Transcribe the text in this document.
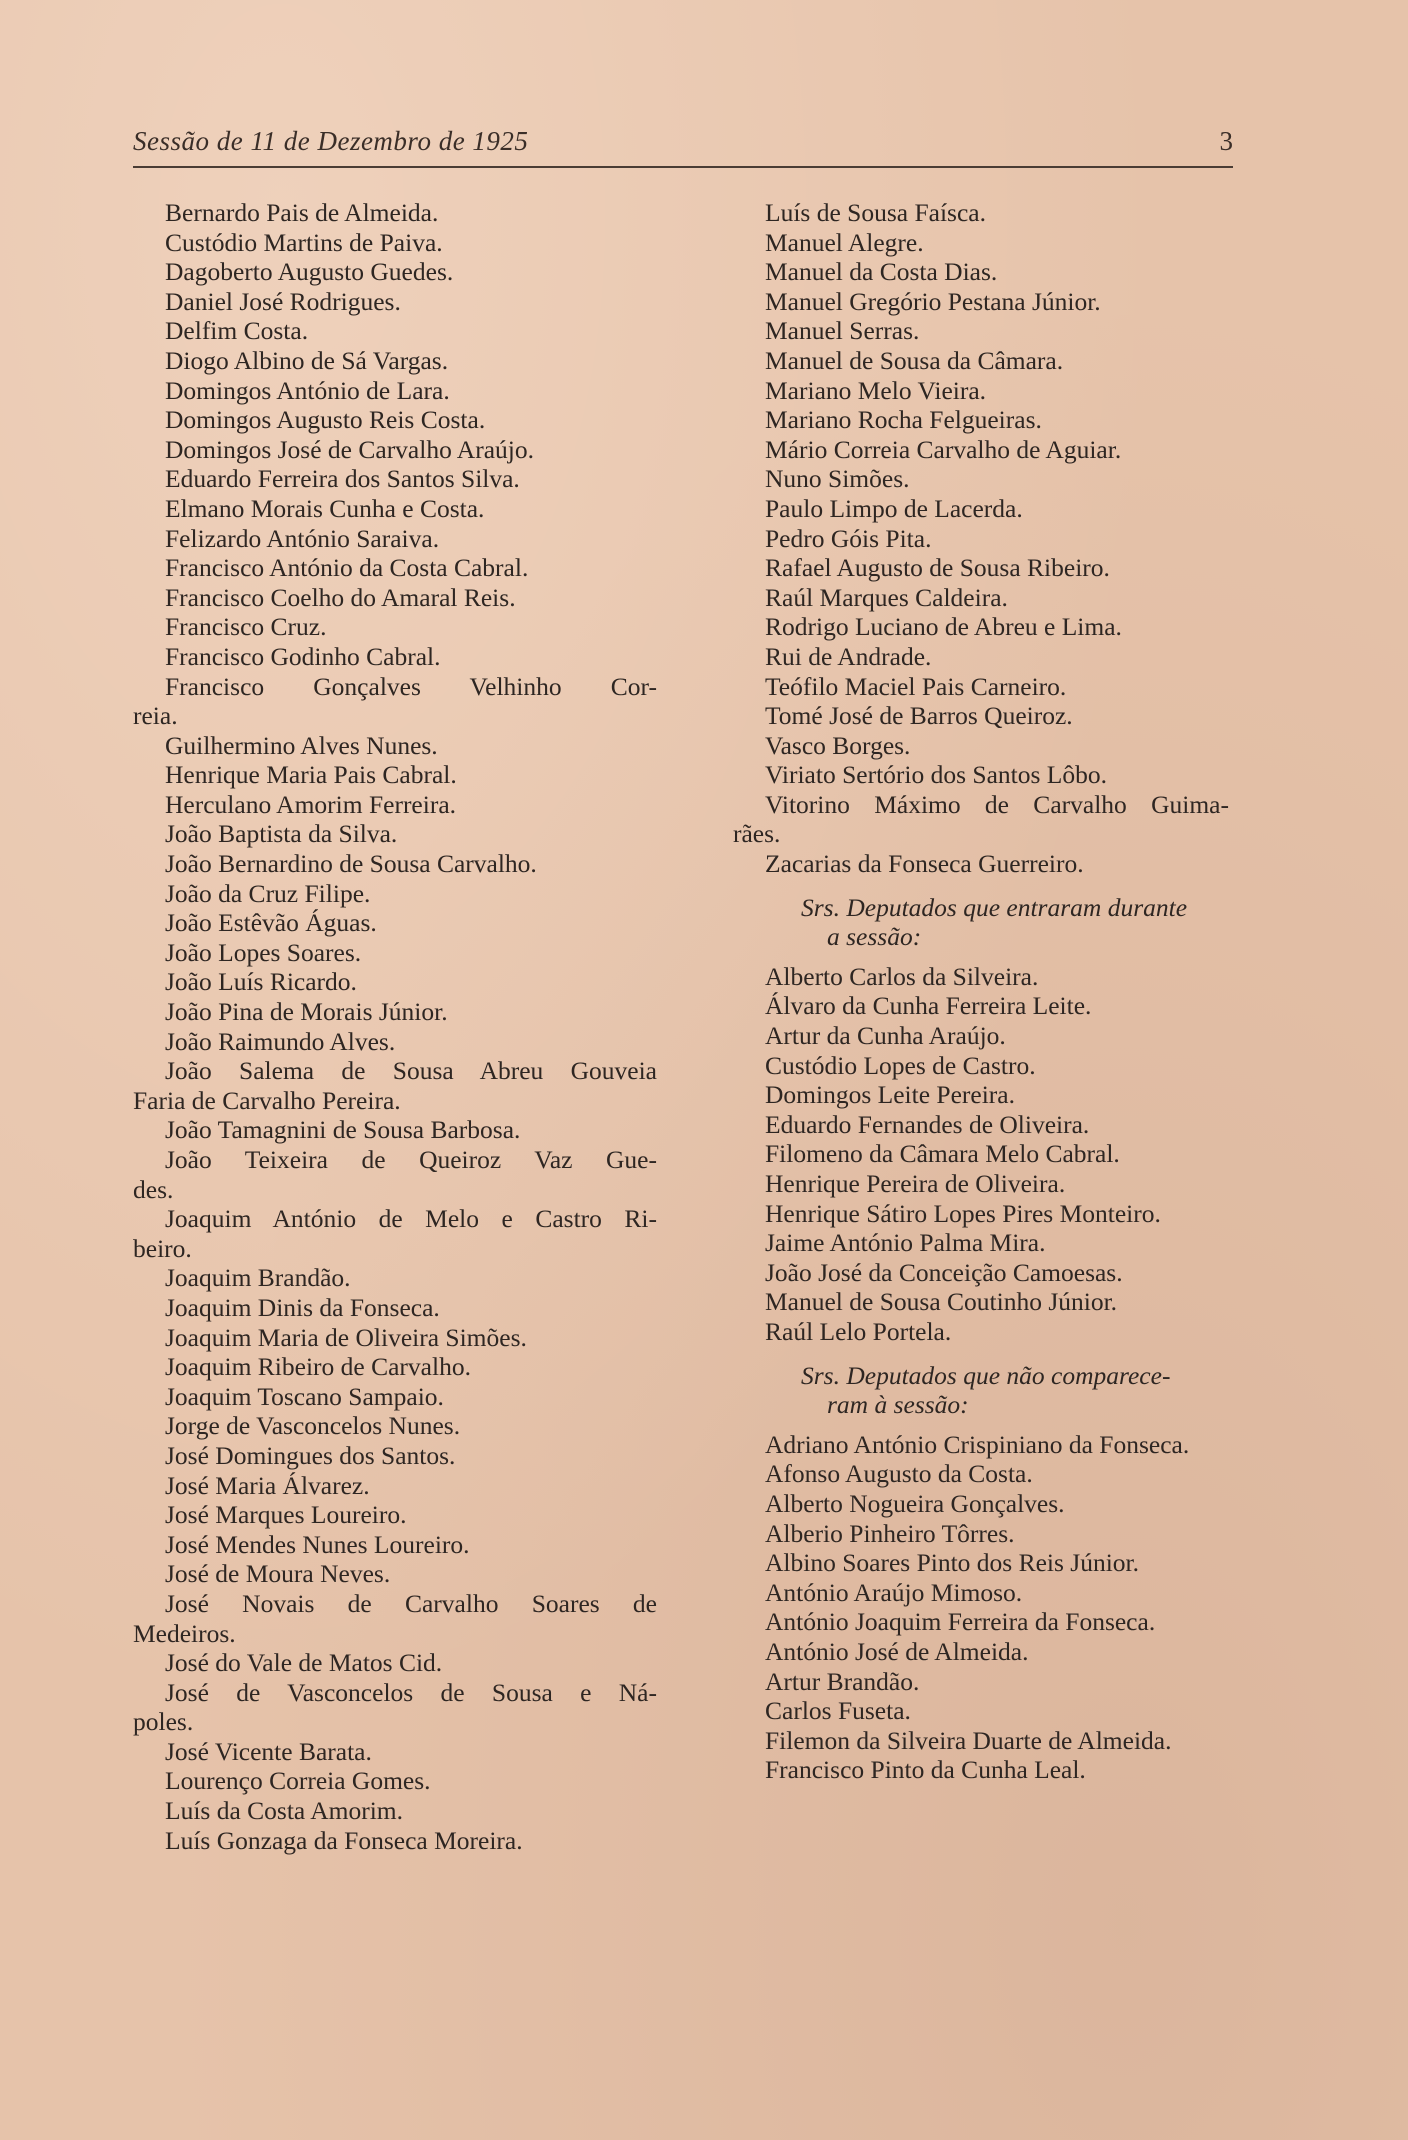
Sessão de 11 de Dezembro de 1925	3
Bernardo Pais de Almeida.
Custódio Martins de Paiva.
Dagoberto Augusto Guedes.
Daniel José Rodrigues.
Delfim Costa.
Diogo Albino de Sá Vargas.
Domingos António de Lara.
Domingos Augusto Reis Costa.
Domingos José de Carvalho Araújo.
Eduardo Ferreira dos Santos Silva.
Elmano Morais Cunha e Costa.
Felizardo António Saraiva.
Francisco António da Costa Cabral.
Francisco Coelho do Amaral Reis.
Francisco Cruz.
Francisco Godinho Cabral.
Francisco Gonçalves Velhinho Cor-
reia.
Guilhermino Alves Nunes.
Henrique Maria Pais Cabral.
Herculano Amorim Ferreira.
João Baptista da Silva.
João Bernardino de Sousa Carvalho.
João da Cruz Filipe.
João Estêvão Águas.
João Lopes Soares.
João Luís Ricardo.
João Pina de Morais Júnior.
João Raimundo Alves.
João Salema de Sousa Abreu Gouveia
Faria de Carvalho Pereira.
João Tamagnini de Sousa Barbosa.
João Teixeira de Queiroz Vaz Gue-
des.
Joaquim António de Melo e Castro Ri-
beiro.
Joaquim Brandão.
Joaquim Dinis da Fonseca.
Joaquim Maria de Oliveira Simões.
Joaquim Ribeiro de Carvalho.
Joaquim Toscano Sampaio.
Jorge de Vasconcelos Nunes.
José Domingues dos Santos.
José Maria Álvarez.
José Marques Loureiro.
José Mendes Nunes Loureiro.
José de Moura Neves.
José Novais de Carvalho Soares de
Medeiros.
José do Vale de Matos Cid.
José de Vasconcelos de Sousa e Ná-
poles.
José Vicente Barata.
Lourenço Correia Gomes.
Luís da Costa Amorim.
Luís Gonzaga da Fonseca Moreira.
Luís de Sousa Faísca.
Manuel Alegre.
Manuel da Costa Dias.
Manuel Gregório Pestana Júnior.
Manuel Serras.
Manuel de Sousa da Câmara.
Mariano Melo Vieira.
Mariano Rocha Felgueiras.
Mário Correia Carvalho de Aguiar.
Nuno Simões.
Paulo Limpo de Lacerda.
Pedro Góis Pita.
Rafael Augusto de Sousa Ribeiro.
Raúl Marques Caldeira.
Rodrigo Luciano de Abreu e Lima.
Rui de Andrade.
Teófilo Maciel Pais Carneiro.
Tomé José de Barros Queiroz.
Vasco Borges.
Viriato Sertório dos Santos Lôbo.
Vitorino Máximo de Carvalho Guima-
rães.
Zacarias da Fonseca Guerreiro.
Srs. Deputados que entraram durante
a sessão:
Alberto Carlos da Silveira.
Álvaro da Cunha Ferreira Leite.
Artur da Cunha Araújo.
Custódio Lopes de Castro.
Domingos Leite Pereira.
Eduardo Fernandes de Oliveira.
Filomeno da Câmara Melo Cabral.
Henrique Pereira de Oliveira.
Henrique Sátiro Lopes Pires Monteiro.
Jaime António Palma Mira.
João José da Conceição Camoesas.
Manuel de Sousa Coutinho Júnior.
Raúl Lelo Portela.
Srs. Deputados que não comparece-
ram à sessão:
Adriano António Crispiniano da Fonseca.
Afonso Augusto da Costa.
Alberto Nogueira Gonçalves.
Alberio Pinheiro Tôrres.
Albino Soares Pinto dos Reis Júnior.
António Araújo Mimoso.
António Joaquim Ferreira da Fonseca.
António José de Almeida.
Artur Brandão.
Carlos Fuseta.
Filemon da Silveira Duarte de Almeida.
Francisco Pinto da Cunha Leal.
